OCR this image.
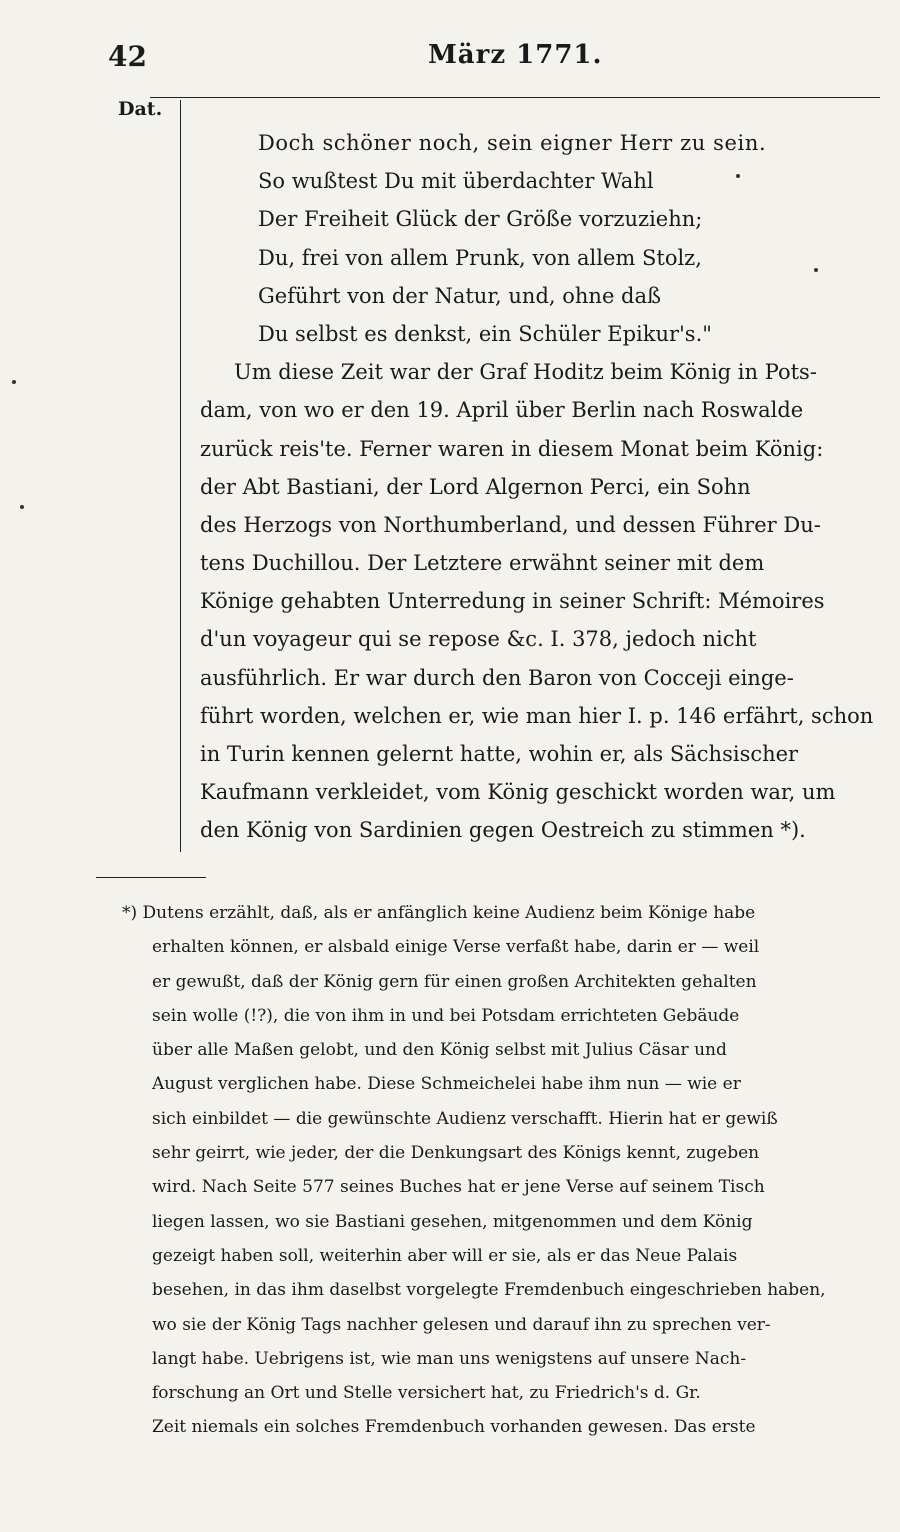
42	März 1771.
Dat.
Doch schöner noch, sein eigner Herr zu sein.
So wußtest Du mit überdachter Wahl
Der Freiheit Glück der Größe vorzuziehn;
Du, frei von allem Prunk, von allem Stolz,
Geführt von der Natur, und, ohne daß
Du selbst es denkst, ein Schüler Epikur's."
Um diese Zeit war der Graf Hoditz beim König in Pots-
dam, von wo er den 19. April über Berlin nach Roswalde
zurück reis'te. Ferner waren in diesem Monat beim König:
der Abt Bastiani, der Lord Algernon Perci, ein Sohn
des Herzogs von Northumberland, und dessen Führer Du-
tens Duchillou. Der Letztere erwähnt seiner mit dem
Könige gehabten Unterredung in seiner Schrift: Mémoires
d'un voyageur qui se repose &c. I. 378, jedoch nicht
ausführlich. Er war durch den Baron von Cocceji einge-
führt worden, welchen er, wie man hier I. p. 146 erfährt, schon
in Turin kennen gelernt hatte, wohin er, als Sächsischer
Kaufmann verkleidet, vom König geschickt worden war, um
den König von Sardinien gegen Oestreich zu stimmen *).
*) Dutens erzählt, daß, als er anfänglich keine Audienz beim Könige habe
erhalten können, er alsbald einige Verse verfaßt habe, darin er — weil
er gewußt, daß der König gern für einen großen Architekten gehalten
sein wolle (!?), die von ihm in und bei Potsdam errichteten Gebäude
über alle Maßen gelobt, und den König selbst mit Julius Cäsar und
August verglichen habe. Diese Schmeichelei habe ihm nun — wie er
sich einbildet — die gewünschte Audienz verschafft. Hierin hat er gewiß
sehr geirrt, wie jeder, der die Denkungsart des Königs kennt, zugeben
wird. Nach Seite 577 seines Buches hat er jene Verse auf seinem Tisch
liegen lassen, wo sie Bastiani gesehen, mitgenommen und dem König
gezeigt haben soll, weiterhin aber will er sie, als er das Neue Palais
besehen, in das ihm daselbst vorgelegte Fremdenbuch eingeschrieben haben,
wo sie der König Tags nachher gelesen und darauf ihn zu sprechen ver-
langt habe. Uebrigens ist, wie man uns wenigstens auf unsere Nach-
forschung an Ort und Stelle versichert hat, zu Friedrich's d. Gr.
Zeit niemals ein solches Fremdenbuch vorhanden gewesen. Das erste
